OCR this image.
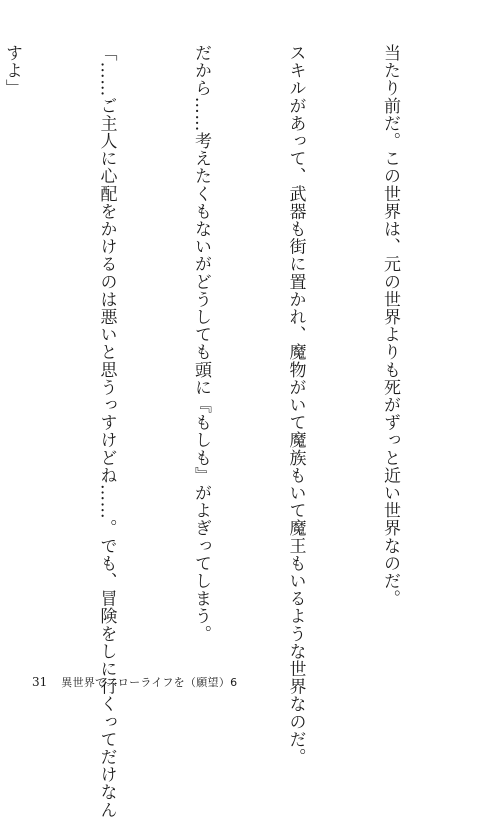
当たり前だ。この世界は、元の世界よりも死がずっと近い世界なのだ。

スキルがあって、武器も街に置かれ、魔物がいて魔族もいて魔王もいるような世界なのだ。

だから……考えたくもないがどうしても頭に『もしも』がよぎってしまう。

「……ご主人に心配をかけるのは悪いと思うっすけどね……。でも、冒険をしに行くってだけなん

すよ」

31 異世界でスローライフを（願望）6
